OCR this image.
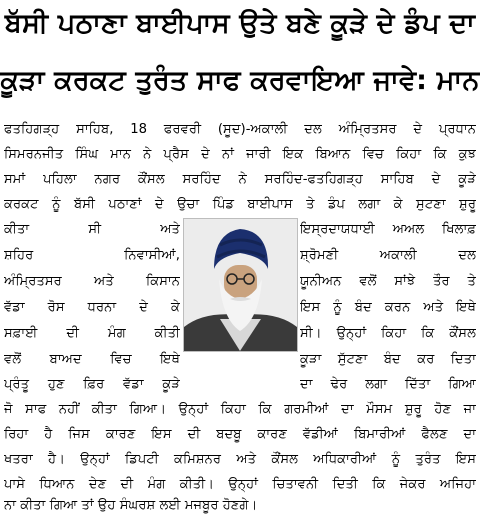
ਬੱਸੀ ਪਠਾਣਾ ਬਾਈਪਾਸ ਉਤੇ ਬਣੇ ਕੂੜੇ ਦੇ ਡੰਪ ਦਾ
ਕੂੜਾ ਕਰਕਟ ਤੁਰੰਤ ਸਾਫ ਕਰਵਾਇਆ ਜਾਵੇ: ਮਾਨ
ਫਤਹਿਗੜ੍ਹ ਸਾਹਿਬ, 18 ਫਰਵਰੀ (ਸੂਦ)-ਅਕਾਲੀ ਦਲ ਅੰਮ੍ਰਿਤਸਰ ਦੇ ਪ੍ਰਧਾਨ
ਸਿਮਰਨਜੀਤ ਸਿੰਘ ਮਾਨ ਨੇ ਪ੍ਰੈਸ ਦੇ ਨਾਂ ਜਾਰੀ ਇਕ ਬਿਆਨ ਵਿਚ ਕਿਹਾ ਕਿ ਕੁਝ
ਸਮਾਂ ਪਹਿਲਾ ਨਗਰ ਕੌਂਸਲ ਸਰਹਿੰਦ ਨੇ ਸਰਹਿੰਦ-ਫਤਹਿਗੜ੍ਹ ਸਾਹਿਬ ਦੇ ਕੂੜੇ
ਕਰਕਟ ਨੂੰ ਬੱਸੀ ਪਠਾਣਾਂ ਦੇ ਉਚਾ ਪਿੰਡ ਬਾਈਪਾਸ ਤੇ ਡੰਪ ਲਗਾ ਕੇ ਸੁਟਣਾ ਸ਼ੁਰੂ
ਕੀਤਾ ਸੀ ਅਤੇ
ਸ਼ਹਿਰ ਨਿਵਾਸੀਆਂ,
ਅੰਮ੍ਰਿਤਸਰ ਅਤੇ ਕਿਸਾਨ
ਵੱਡਾ ਰੋਸ ਧਰਨਾ ਦੇ ਕੇ
ਸਫ਼ਾਈ ਦੀ ਮੰਗ ਕੀਤੀ
ਵਲੋਂ ਬਾਅਦ ਵਿਚ ਇਥੇ
ਪ੍ਰੰਤੂ ਹੁਣ ਫ਼ਿਰ ਵੱਡਾ ਕੂੜੇ
ਇਸ੍ਰਦਾਯਧਾਈ ਅਅਲ ਖਿਲਾਫ਼
ਸ਼੍ਰੋਮਣੀ ਅਕਾਲੀ ਦਲ
ਯੂਨੀਅਨ ਵਲੋਂ ਸਾਂਝੇ ਤੌਰ ਤੇ
ਇਸ ਨੂੰ ਬੰਦ ਕਰਨ ਅਤੇ ਇਥੇ
ਸੀ। ਉਨ੍ਹਾਂ ਕਿਹਾ ਕਿ ਕੌਂਸਲ
ਕੂੜਾ ਸੁੱਟਣਾ ਬੰਦ ਕਰ ਦਿਤਾ
ਦਾ ਢੇਰ ਲਗਾ ਦਿੱਤਾ ਗਿਆ
ਜੋ ਸਾਫ ਨਹੀਂ ਕੀਤਾ ਗਿਆ। ਉਨ੍ਹਾਂ ਕਿਹਾ ਕਿ ਗਰਮੀਆਂ ਦਾ ਮੌਸਮ ਸ਼ੁਰੂ ਹੋਣ ਜਾ
ਰਿਹਾ ਹੈ ਜਿਸ ਕਾਰਣ ਇਸ ਦੀ ਬਦਬੂ ਕਾਰਣ ਵੱਡੀਆਂ ਬਿਮਾਰੀਆਂ ਫੈਲਣ ਦਾ
ਖਤਰਾ ਹੈ। ਉਨ੍ਹਾਂ ਡਿਪਟੀ ਕਮਿਸ਼ਨਰ ਅਤੇ ਕੌਂਸਲ ਅਧਿਕਾਰੀਆਂ ਨੂੰ ਤੁਰੰਤ ਇਸ
ਪਾਸੇ ਧਿਆਨ ਦੇਣ ਦੀ ਮੰਗ ਕੀਤੀ। ਉਨ੍ਹਾਂ ਚਿਤਾਵਨੀ ਦਿਤੀ ਕਿ ਜੇਕਰ ਅਜਿਹਾ
ਨਾ ਕੀਤਾ ਗਿਆ ਤਾਂ ਉਹ ਸੰਘਰਸ਼ ਲਈ ਮਜਬੂਰ ਹੋਣਗੇ।
